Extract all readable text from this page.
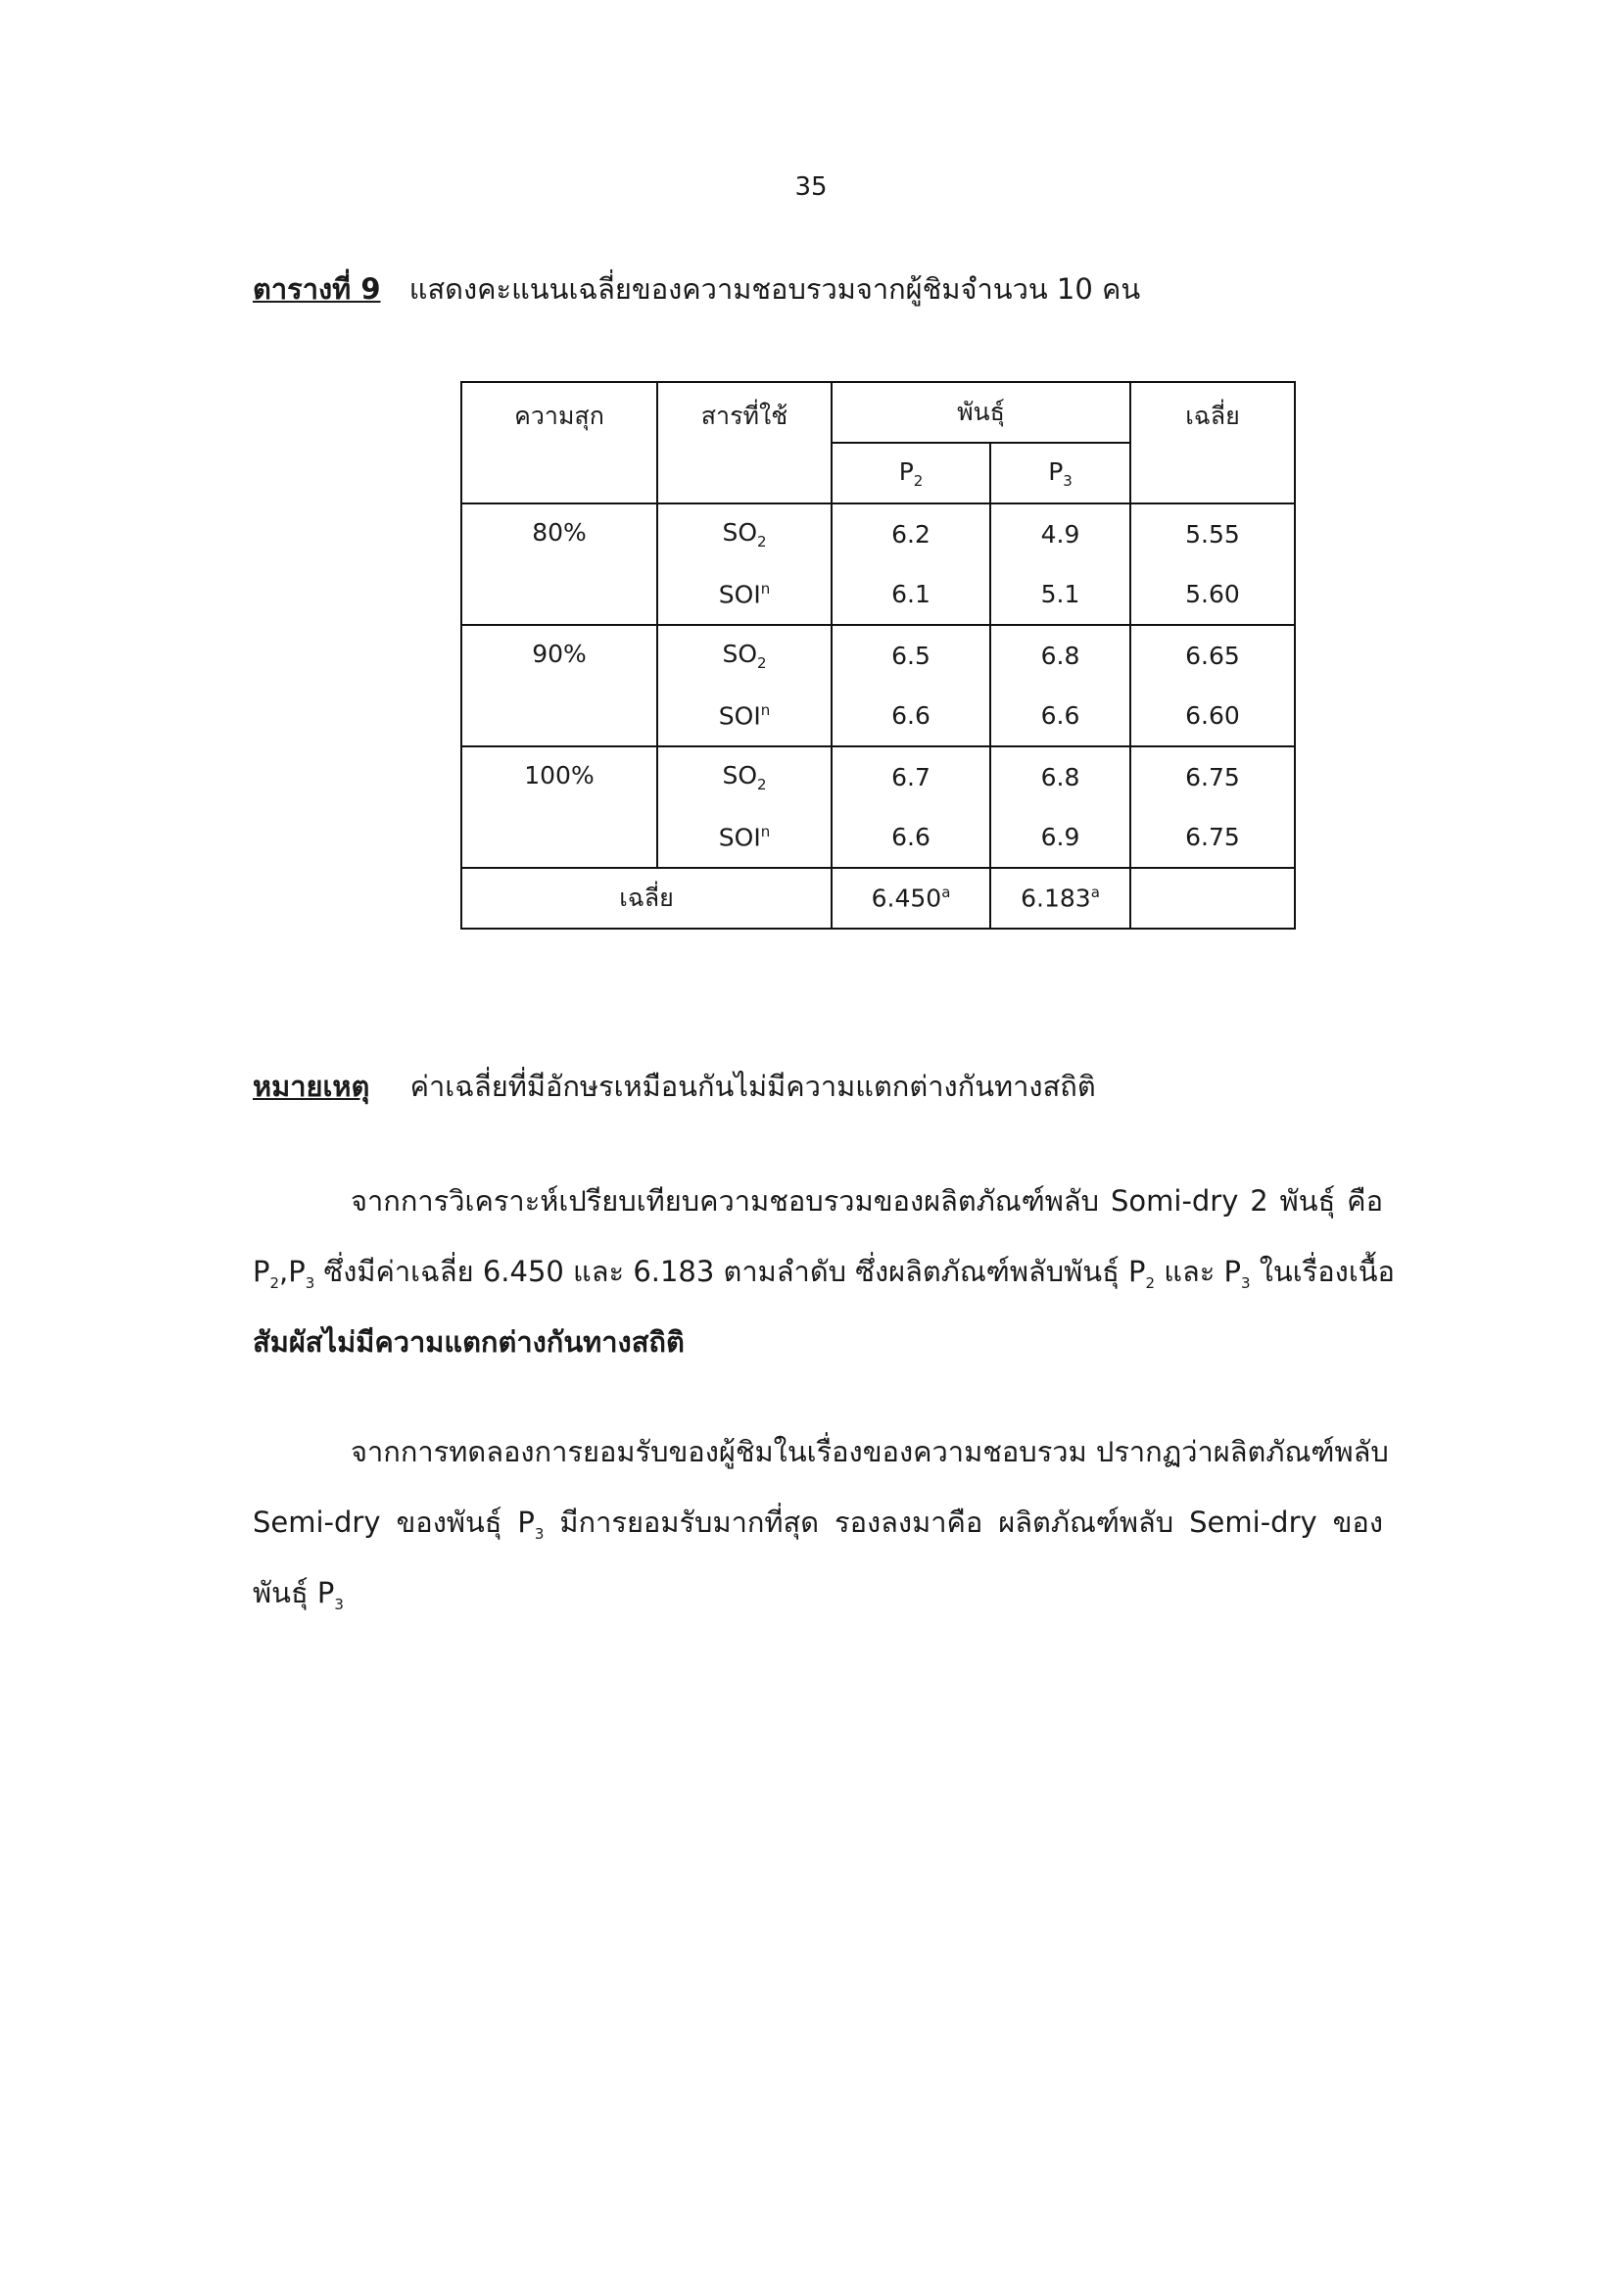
35
ตารางที่ 9 แสดงคะแนนเฉลี่ยของความชอบรวมจากผู้ชิมจำนวน 10 คน
ความสุก	สารที่ใช้	พันธุ์		เฉลี่ย
		$P_2$	$P_3$
80%	$SO_2$	6.2	4.9	5.55
	SOI$^n$	6.1	5.1	5.60
90%	$SO_2$	6.5	6.8	6.65
	SOI$^n$	6.6	6.6	6.60
100%	$SO_2$	6.7	6.8	6.75
	SOI$^n$	6.6	6.9	6.75
เฉลี่ย		6.450$^a$	6.183$^a$	
หมายเหตุ ค่าเฉลี่ยที่มีอักษรเหมือนกันไม่มีความแตกต่างกันทางสถิติ
จากการวิเคราะห์เปรียบเทียบความชอบรวมของผลิตภัณฑ์พลับ Somi-dry 2 พันธุ์ คือ
$P_2,P_3$ ซึ่งมีค่าเฉลี่ย 6.450 และ 6.183 ตามลำดับ ซึ่งผลิตภัณฑ์พลับพันธุ์ $P_2$ และ $P_3$ ในเรื่องเนื้อ
สัมผัสไม่มีความแตกต่างกันทางสถิติ
จากการทดลองการยอมรับของผู้ชิมในเรื่องของความชอบรวม ปรากฏว่าผลิตภัณฑ์พลับ
Semi-dry ของพันธุ์ $P_3$ มีการยอมรับมากที่สุด รองลงมาคือ ผลิตภัณฑ์พลับ Semi-dry ของ
พันธุ์ $P_3$
